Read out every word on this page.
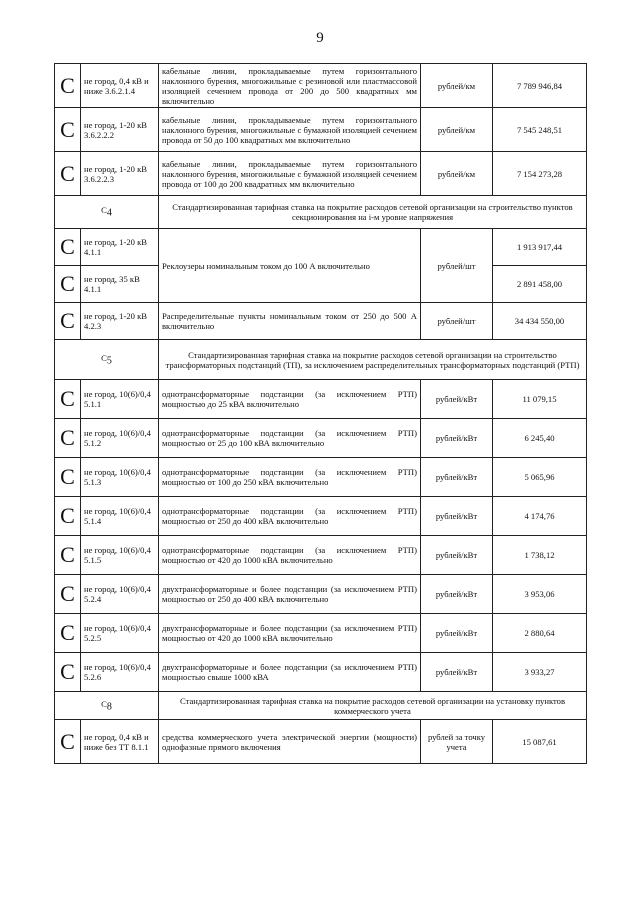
9
С	не город, 0,4 кВ и ниже 3.6.2.1.4	кабельные линии, прокладываемые путем горизонтального наклонного бурения, многожильные с резиновой или пластмассовой изоляцией сечением провода от 200 до 500 квадратных мм включительно	рублей/км	7 789 946,84
С	не город, 1-20 кВ 3.6.2.2.2	кабельные линии, прокладываемые путем горизонтального наклонного бурения, многожильные с бумажной изоляцией сечением провода от 50 до 100 квадратных мм включительно	рублей/км	7 545 248,51
С	не город, 1-20 кВ 3.6.2.2.3	кабельные линии, прокладываемые путем горизонтального наклонного бурения, многожильные с бумажной изоляцией сечением провода от 100 до 200 квадратных мм включительно	рублей/км	7 154 273,28
$С_4$		Стандартизированная тарифная ставка на покрытие расходов сетевой организации на строительство пунктов секционирования на i-м уровне напряжения		
С	не город, 1-20 кВ 4.1.1	Реклоузеры номинальным током до 100 А включительно	рублей/шт	1 913 917,44
С	не город, 35 кВ 4.1.1			2 891 458,00
С	не город, 1-20 кВ 4.2.3	Распределительные пункты номинальным током от 250 до 500 А включительно	рублей/шт	34 434 550,00
$С_5$		Стандартизированная тарифная ставка на покрытие расходов сетевой организации на строительство трансформаторных подстанций (ТП), за исключением распределительных трансформаторных подстанций (РТП)		
С	не город, 10(6)/0,4 5.1.1	однотрансформаторные подстанции (за исключением РТП) мощностью до 25 кВА включительно	рублей/кВт	11 079,15
С	не город, 10(6)/0,4 5.1.2	однотрансформаторные подстанции (за исключением РТП) мощностью от 25 до 100 кВА включительно	рублей/кВт	6 245,40
С	не город, 10(6)/0,4 5.1.3	однотрансформаторные подстанции (за исключением РТП) мощностью от 100 до 250 кВА включительно	рублей/кВт	5 065,96
С	не город, 10(6)/0,4 5.1.4	однотрансформаторные подстанции (за исключением РТП) мощностью от 250 до 400 кВА включительно	рублей/кВт	4 174,76
С	не город, 10(6)/0,4 5.1.5	однотрансформаторные подстанции (за исключением РТП) мощностью от 420 до 1000 кВА включительно	рублей/кВт	1 738,12
С	не город, 10(6)/0,4 5.2.4	двухтрансформаторные и более подстанции (за исключением РТП) мощностью от 250 до 400 кВА включительно	рублей/кВт	3 953,06
С	не город, 10(6)/0,4 5.2.5	двухтрансформаторные и более подстанции (за исключением РТП) мощностью от 420 до 1000 кВА включительно	рублей/кВт	2 880,64
С	не город, 10(6)/0,4 5.2.6	двухтрансформаторные и более подстанции (за исключением РТП) мощностью свыше 1000 кВА	рублей/кВт	3 933,27
$С_8$		Стандартизированная тарифная ставка на покрытие расходов сетевой организации на установку пунктов коммерческого учета		
С	не город, 0,4 кВ и ниже без ТТ 8.1.1	средства коммерческого учета электрической энергии (мощности) однофазные прямого включения	рублей за точку учета	15 087,61
